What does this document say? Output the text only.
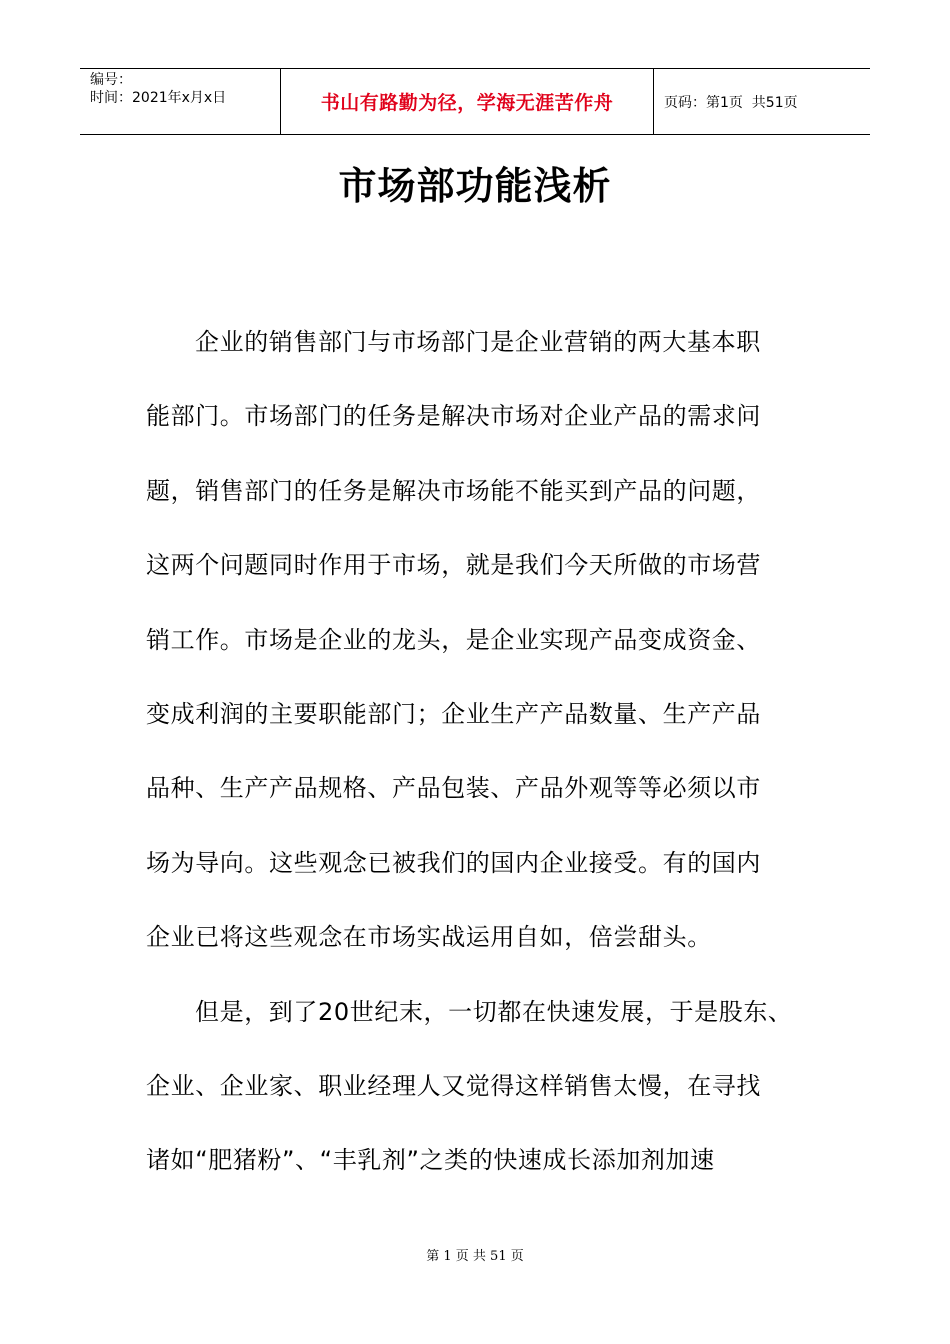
编号：
时间：2021年x月x日	书山有路勤为径，学海无涯苦作舟	页码：第1页  共51页
市场部功能浅析
企业的销售部门与市场部门是企业营销的两大基本职
能部门。市场部门的任务是解决市场对企业产品的需求问
题，销售部门的任务是解决市场能不能买到产品的问题，
这两个问题同时作用于市场，就是我们今天所做的市场营
销工作。市场是企业的龙头，是企业实现产品变成资金、
变成利润的主要职能部门；企业生产产品数量、生产产品
品种、生产产品规格、产品包装、产品外观等等必须以市
场为导向。这些观念已被我们的国内企业接受。有的国内
企业已将这些观念在市场实战运用自如，倍尝甜头。
但是，到了20世纪末，一切都在快速发展，于是股东、
企业、企业家、职业经理人又觉得这样销售太慢，在寻找
诸如“肥猪粉”、“丰乳剂”之类的快速成长添加剂加速
第 1 页 共 51 页
